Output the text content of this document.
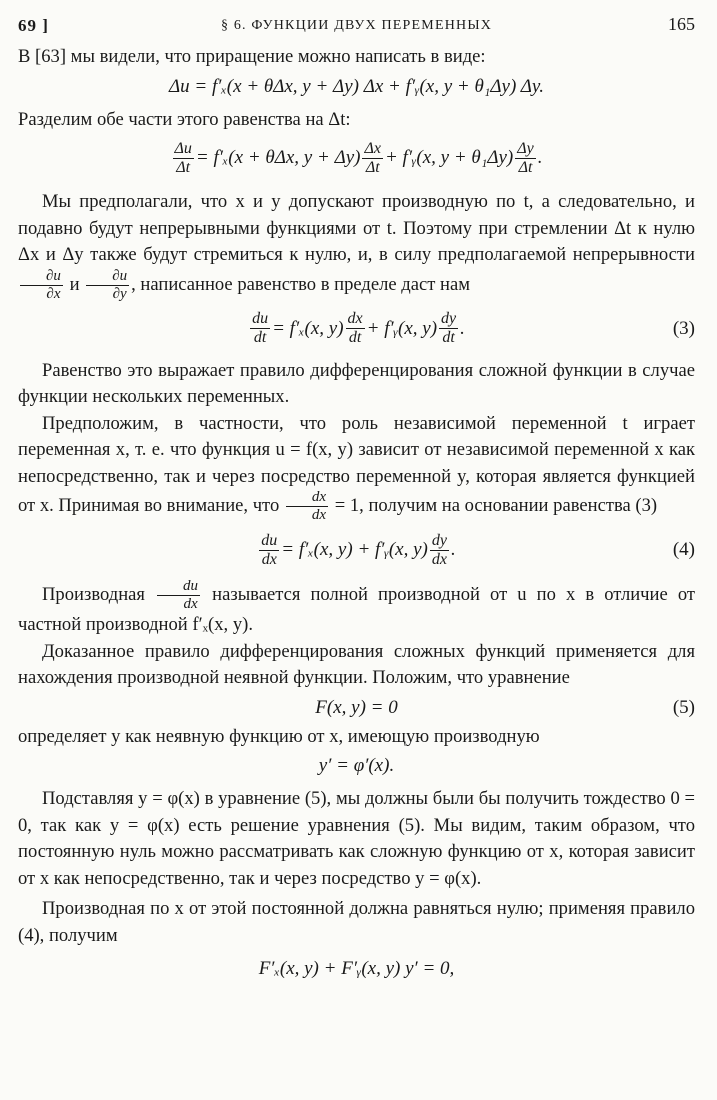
69 ]	§ 6. ФУНКЦИИ ДВУХ ПЕРЕМЕННЫХ	165

В [63] мы видели, что приращение можно написать в виде:

Δu = f′ₓ(x + θΔx, y + Δy) Δx + f′ᵧ(x, y + θ₁Δy) Δy.

Разделим обе части этого равенства на Δt:

$\frac{\Delta u}{\Delta t} = f'_x(x + \theta\Delta x$, $y + \Delta y) \frac{\Delta x}{\Delta t}$ + f′ᵧ(x, $y + \theta_1\Delta y) \frac{\Delta y}{\Delta t}$ .

Мы предполагали, что x и y допускают производную по t, а следовательно, и подавно будут непрерывными функциями от t. Поэтому при стремлении Δt к нулю Δx и Δy также будут стремиться к нулю, и, в силу предполагаемой непрерывности
$\frac{\partial u}{\partial x}$ и $\frac{\partial u}{\partial y}$ , написанное равенство в пределе даст нам

$\frac{du}{dt} = f'_x(x$, $y) \frac{dx}{dt}$ + f′ᵧ(x, $y) \frac{dy}{dt}$ .	(3)

Равенство это выражает правило дифференцирования сложной функции в случае функции нескольких переменных.

Предположим, в частности, что роль независимой переменной t играет переменная x, т. е. что функция u = f(x, y) зависит от независимой переменной x как непосредственно, так и через посредство переменной y, которая является функцией от x. Принимая во внимание, что $\frac{dx}{dx} = 1$, получим на основании равенства (3)

$\frac{du}{dx} = f'_x(x$, y) + f′ᵧ(x, $y) \frac{dy}{dx}$ .	(4)

Производная $\frac{du}{dx}$ называется полной производной от u по x в отличие от частной производной f′ₓ(x, y).

Доказанное правило дифференцирования сложных функций применяется для нахождения производной неявной функции. Положим, что уравнение

F(x, y) = 0	(5)

определяет y как неявную функцию от x, имеющую производную

y′ = φ′(x).

Подставляя y = φ(x) в уравнение (5), мы должны были бы получить тождество 0 = 0, так как y = φ(x) есть решение уравнения (5). Мы видим, таким образом, что постоянную нуль можно рассматривать как сложную функцию от x, которая зависит от x как непосредственно, так и через посредство y = φ(x).

Производная по x от этой постоянной должна равняться нулю; применяя правило (4), получим

F′ₓ(x, y) + F′ᵧ(x, y) y′ = 0,
